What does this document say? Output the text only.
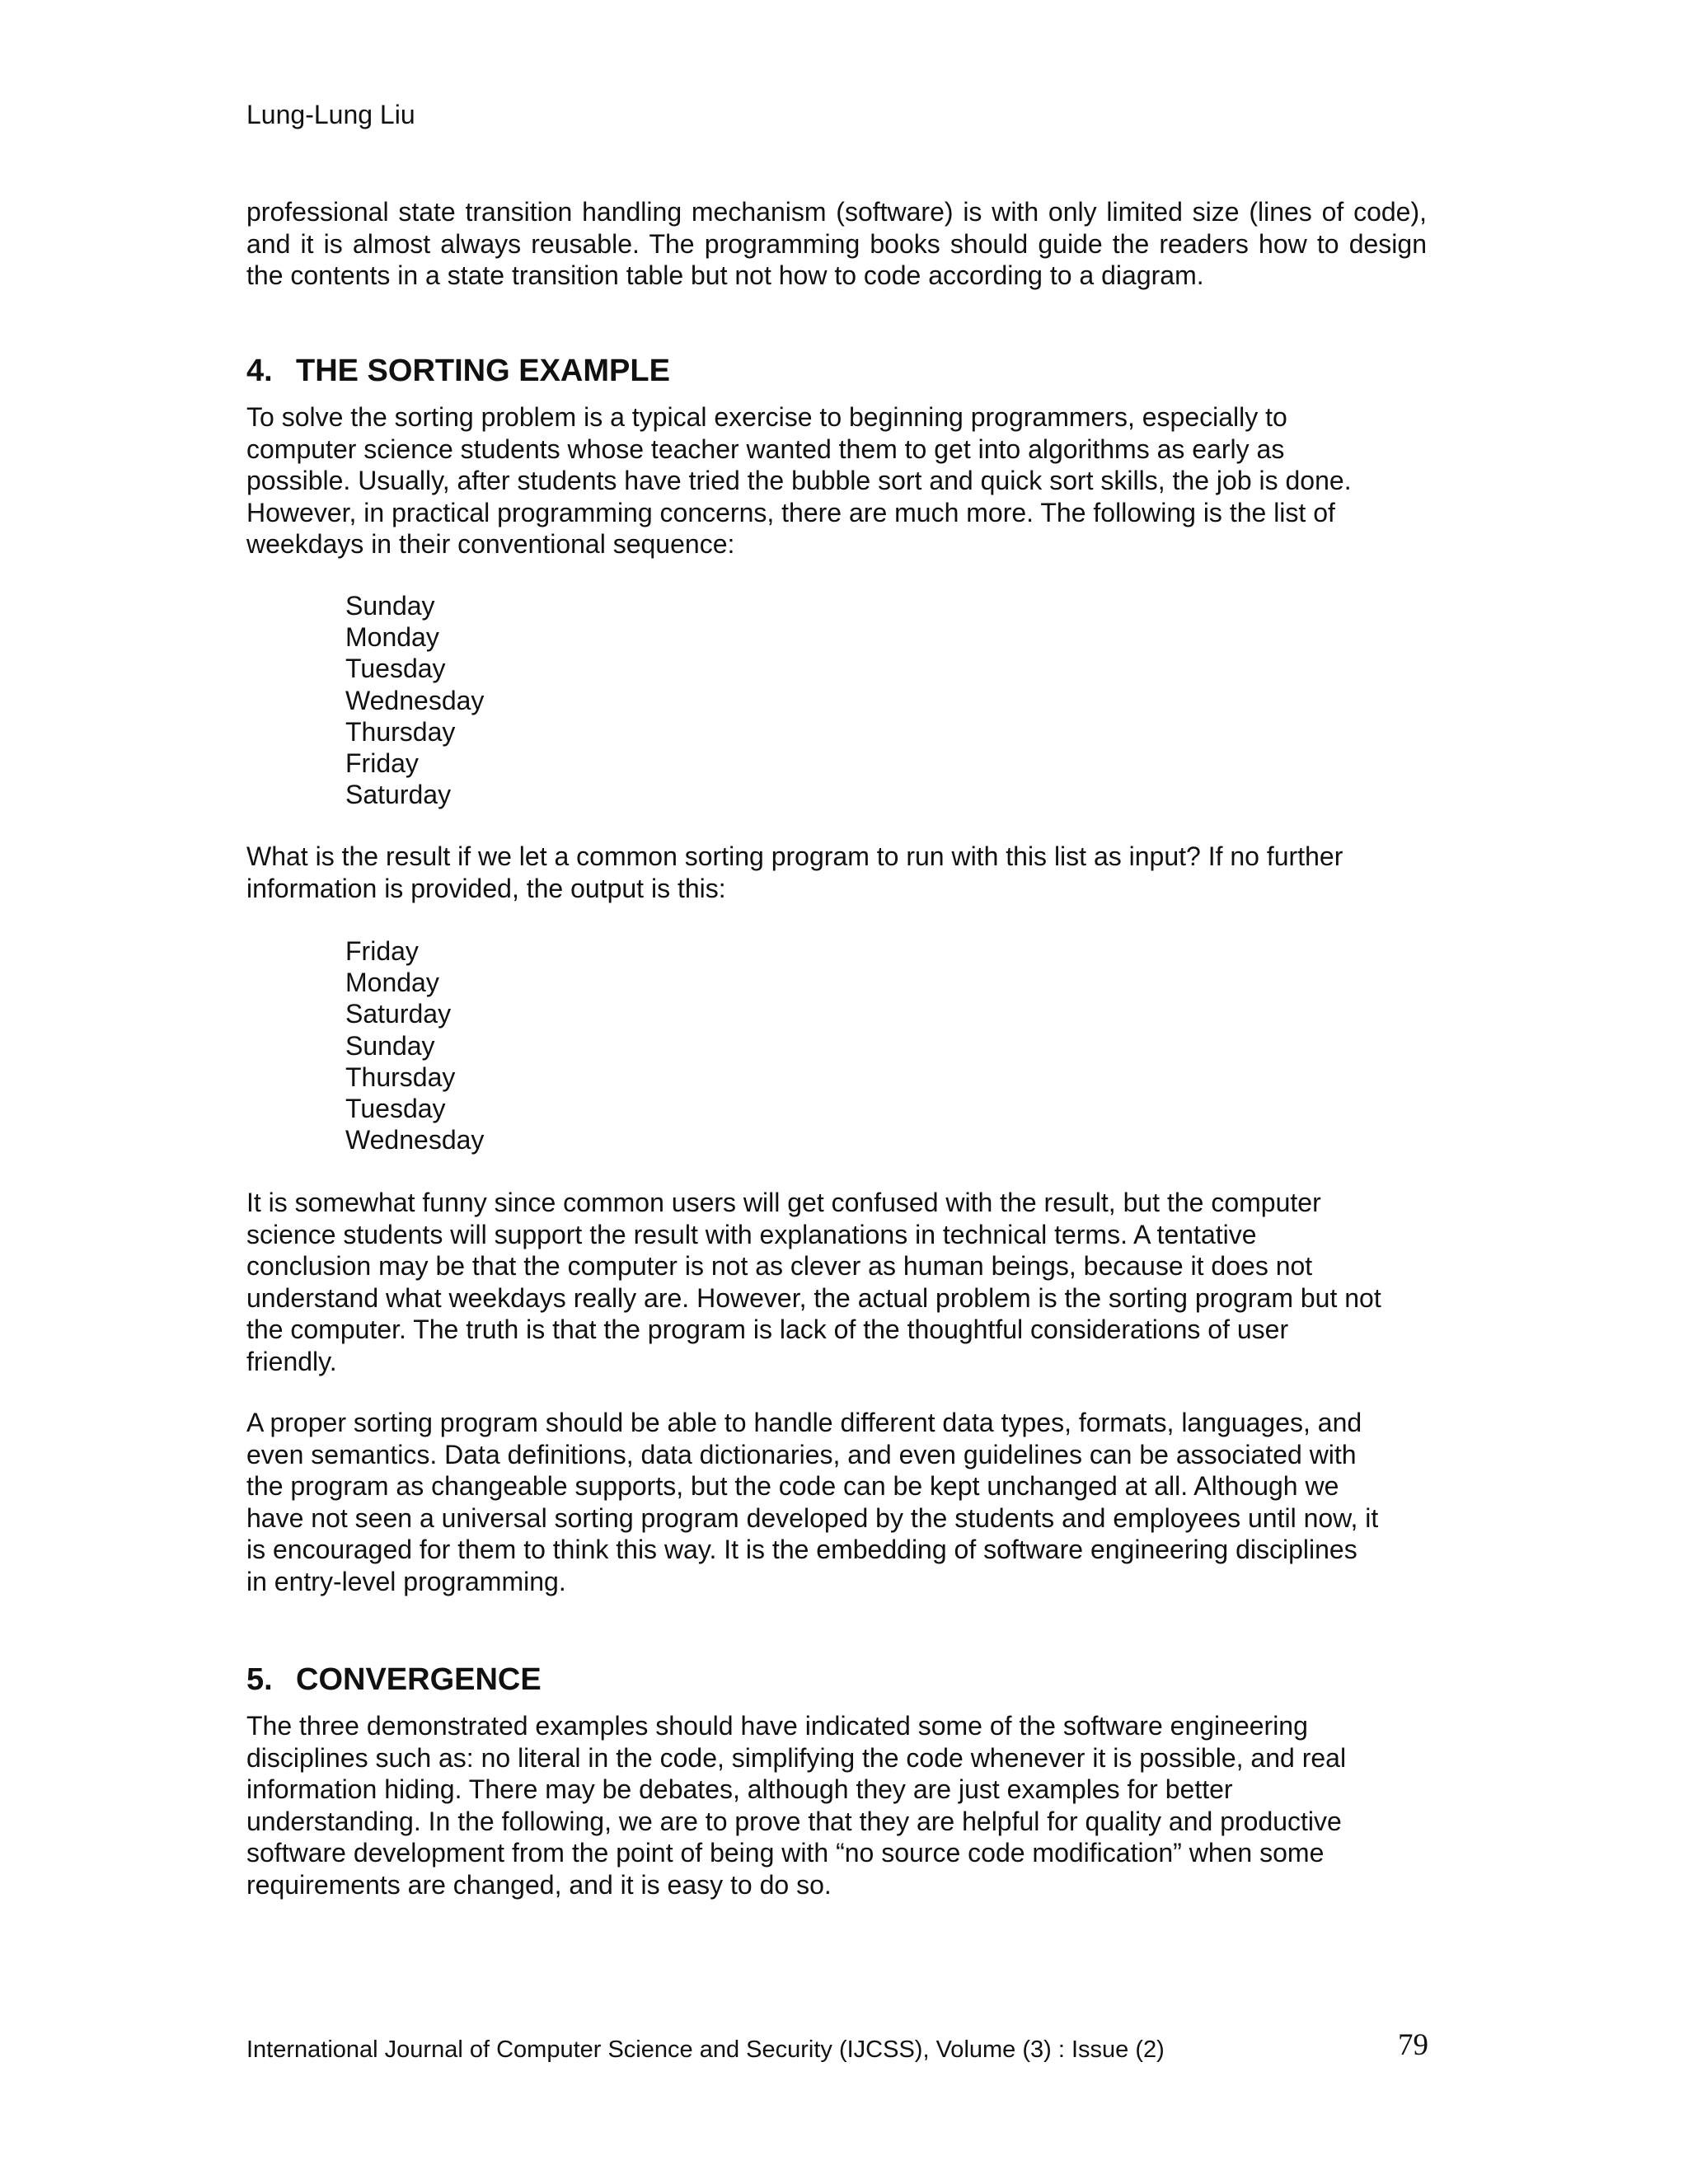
Lung-Lung Liu

professional state transition handling mechanism (software) is with only limited size (lines of code), and it is almost always reusable. The programming books should guide the readers how to design the contents in a state transition table but not how to code according to a diagram.

4. THE SORTING EXAMPLE
To solve the sorting problem is a typical exercise to beginning programmers, especially to
computer science students whose teacher wanted them to get into algorithms as early as
possible. Usually, after students have tried the bubble sort and quick sort skills, the job is done.
However, in practical programming concerns, there are much more. The following is the list of
weekdays in their conventional sequence:
Sunday
Monday
Tuesday
Wednesday
Thursday
Friday
Saturday
What is the result if we let a common sorting program to run with this list as input? If no further
information is provided, the output is this:
Friday
Monday
Saturday
Sunday
Thursday
Tuesday
Wednesday
It is somewhat funny since common users will get confused with the result, but the computer
science students will support the result with explanations in technical terms. A tentative
conclusion may be that the computer is not as clever as human beings, because it does not
understand what weekdays really are. However, the actual problem is the sorting program but not
the computer. The truth is that the program is lack of the thoughtful considerations of user
friendly.
A proper sorting program should be able to handle different data types, formats, languages, and
even semantics. Data definitions, data dictionaries, and even guidelines can be associated with
the program as changeable supports, but the code can be kept unchanged at all. Although we
have not seen a universal sorting program developed by the students and employees until now, it
is encouraged for them to think this way. It is the embedding of software engineering disciplines
in entry-level programming.
5. CONVERGENCE
The three demonstrated examples should have indicated some of the software engineering
disciplines such as: no literal in the code, simplifying the code whenever it is possible, and real
information hiding. There may be debates, although they are just examples for better
understanding. In the following, we are to prove that they are helpful for quality and productive
software development from the point of being with “no source code modification” when some
requirements are changed, and it is easy to do so.
International Journal of Computer Science and Security (IJCSS), Volume (3) : Issue (2)	79
